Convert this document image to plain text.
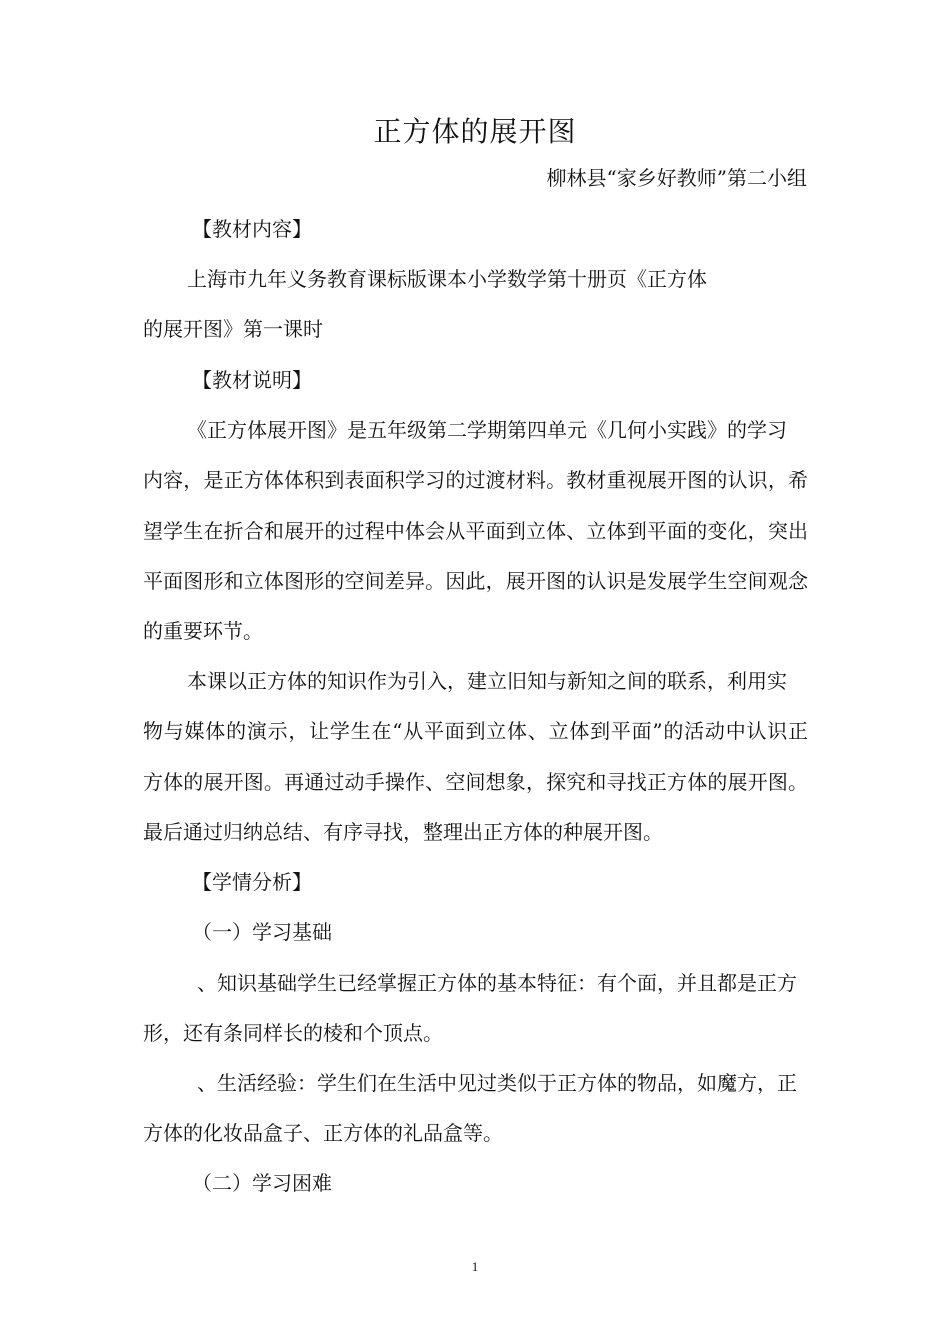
正方体的展开图
柳林县“家乡好教师”第二小组
【教材内容】
上海市九年义务教育课标版课本小学数学第十册页《正方体
的展开图》第一课时
【教材说明】
《正方体展开图》是五年级第二学期第四单元《几何小实践》的学习
内容，是正方体体积到表面积学习的过渡材料。教材重视展开图的认识，希
望学生在折合和展开的过程中体会从平面到立体、立体到平面的变化，突出
平面图形和立体图形的空间差异。因此，展开图的认识是发展学生空间观念
的重要环节。
本课以正方体的知识作为引入，建立旧知与新知之间的联系，利用实
物与媒体的演示，让学生在“从平面到立体、立体到平面”的活动中认识正
方体的展开图。再通过动手操作、空间想象，探究和寻找正方体的展开图。
最后通过归纳总结、有序寻找，整理出正方体的种展开图。
【学情分析】
（一）学习基础
、知识基础学生已经掌握正方体的基本特征：有个面，并且都是正方
形，还有条同样长的棱和个顶点。
、生活经验：学生们在生活中见过类似于正方体的物品，如魔方，正
方体的化妆品盒子、正方体的礼品盒等。
（二）学习困难
1
